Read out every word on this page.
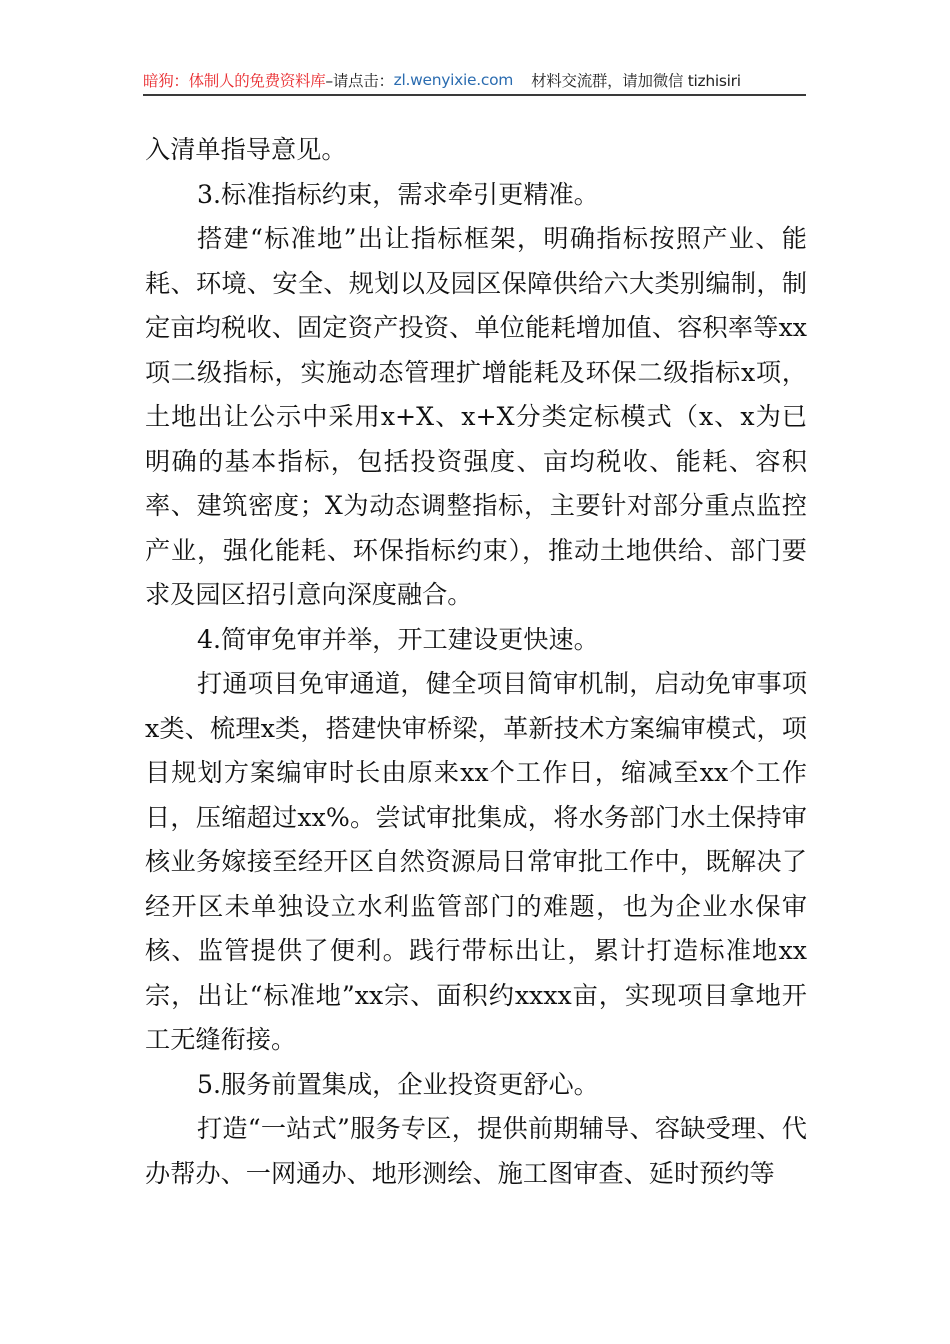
暗狗：体制人的免费资料库 –请点击： zl.wenyixie.com 材料交流群，请加微信 tizhisiri

入清单指导意见。

3.标准指标约束，需求牵引更精准。

搭建“标准地”出让指标框架，明确指标按照产业、能耗、环境、安全、规划以及园区保障供给六大类别编制，制定亩均税收、固定资产投资、单位能耗增加值、容积率等xx项二级指标，实施动态管理扩增能耗及环保二级指标x项，土地出让公示中采用x+X、x+X分类定标模式（x、x为已明确的基本指标，包括投资强度、亩均税收、能耗、容积率、建筑密度；X为动态调整指标，主要针对部分重点监控产业，强化能耗、环保指标约束），推动土地供给、部门要求及园区招引意向深度融合。

4.简审免审并举，开工建设更快速。

打通项目免审通道，健全项目简审机制，启动免审事项x类、梳理x类，搭建快审桥梁，革新技术方案编审模式，项目规划方案编审时长由原来xx个工作日，缩减至xx个工作日，压缩超过xx%。尝试审批集成，将水务部门水土保持审核业务嫁接至经开区自然资源局日常审批工作中，既解决了经开区未单独设立水利监管部门的难题，也为企业水保审核、监管提供了便利。践行带标出让，累计打造标准地xx宗，出让“标准地”xx宗、面积约xxxx亩，实现项目拿地开工无缝衔接。

5.服务前置集成，企业投资更舒心。

打造“一站式”服务专区，提供前期辅导、容缺受理、代办帮办、一网通办、地形测绘、施工图审查、延时预约等
